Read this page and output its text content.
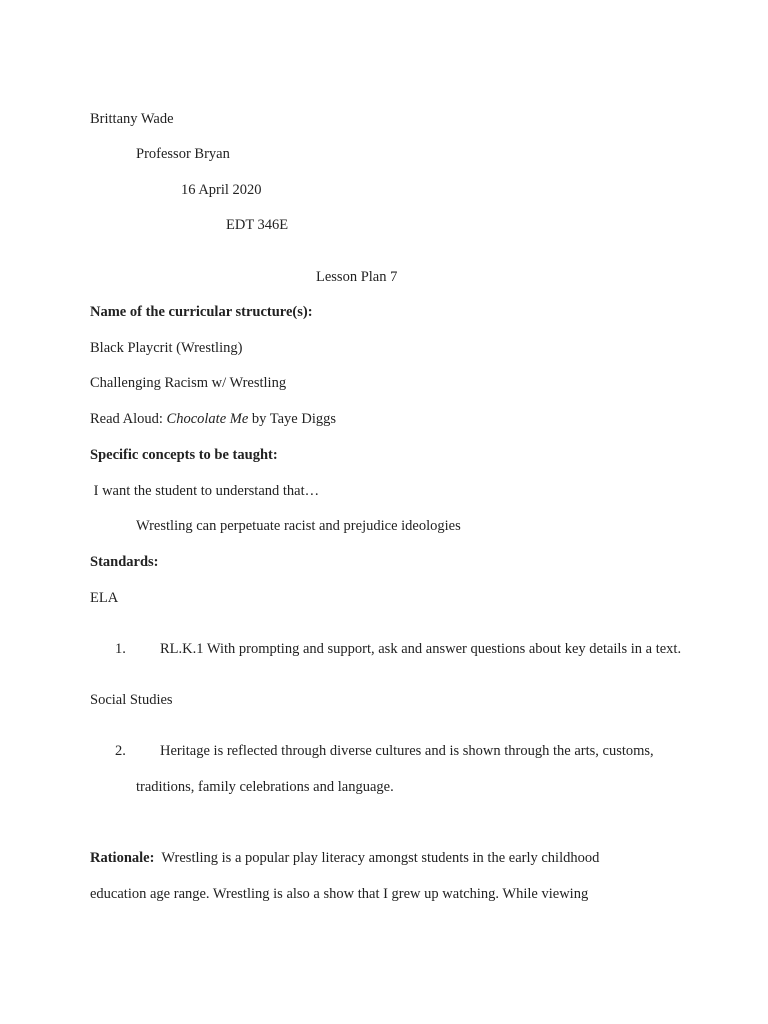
Brittany Wade
Professor Bryan
16 April 2020
EDT 346E
Lesson Plan 7
Name of the curricular structure(s):
Black Playcrit (Wrestling)
Challenging Racism w/ Wrestling
Read Aloud: Chocolate Me by Taye Diggs
Specific concepts to be taught:
I want the student to understand that…
Wrestling can perpetuate racist and prejudice ideologies
Standards:
ELA
1. RL.K.1 With prompting and support, ask and answer questions about key details in a text.
Social Studies
2. Heritage is reflected through diverse cultures and is shown through the arts, customs,
traditions, family celebrations and language.
Rationale:  Wrestling is a popular play literacy amongst students in the early childhood
education age range. Wrestling is also a show that I grew up watching. While viewing
